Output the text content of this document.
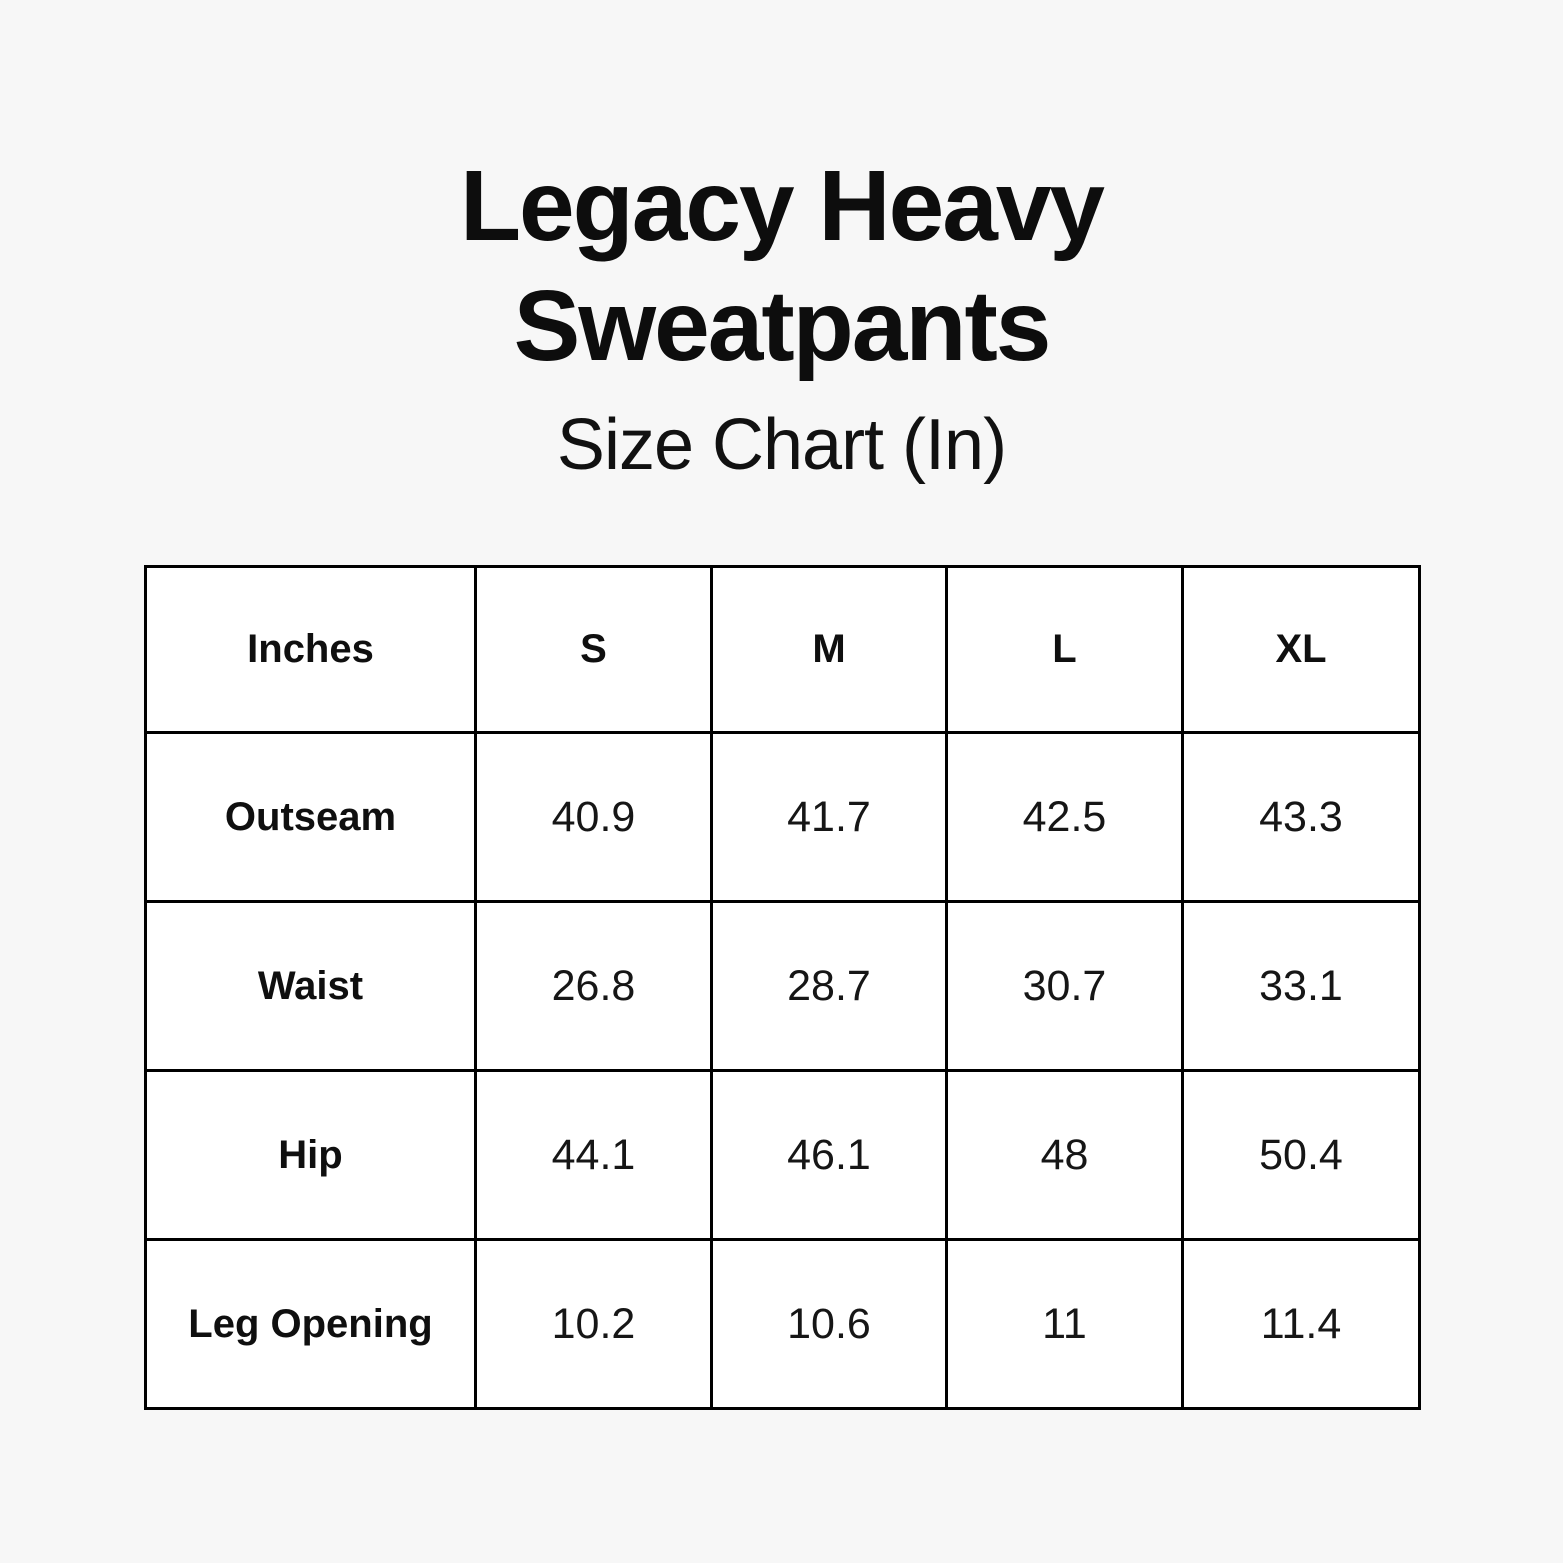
Legacy Heavy Sweatpants
Size Chart (In)
Inches	S	M	L	XL
Outseam	40.9	41.7	42.5	43.3
Waist	26.8	28.7	30.7	33.1
Hip	44.1	46.1	48	50.4
Leg Opening	10.2	10.6	11	11.4
